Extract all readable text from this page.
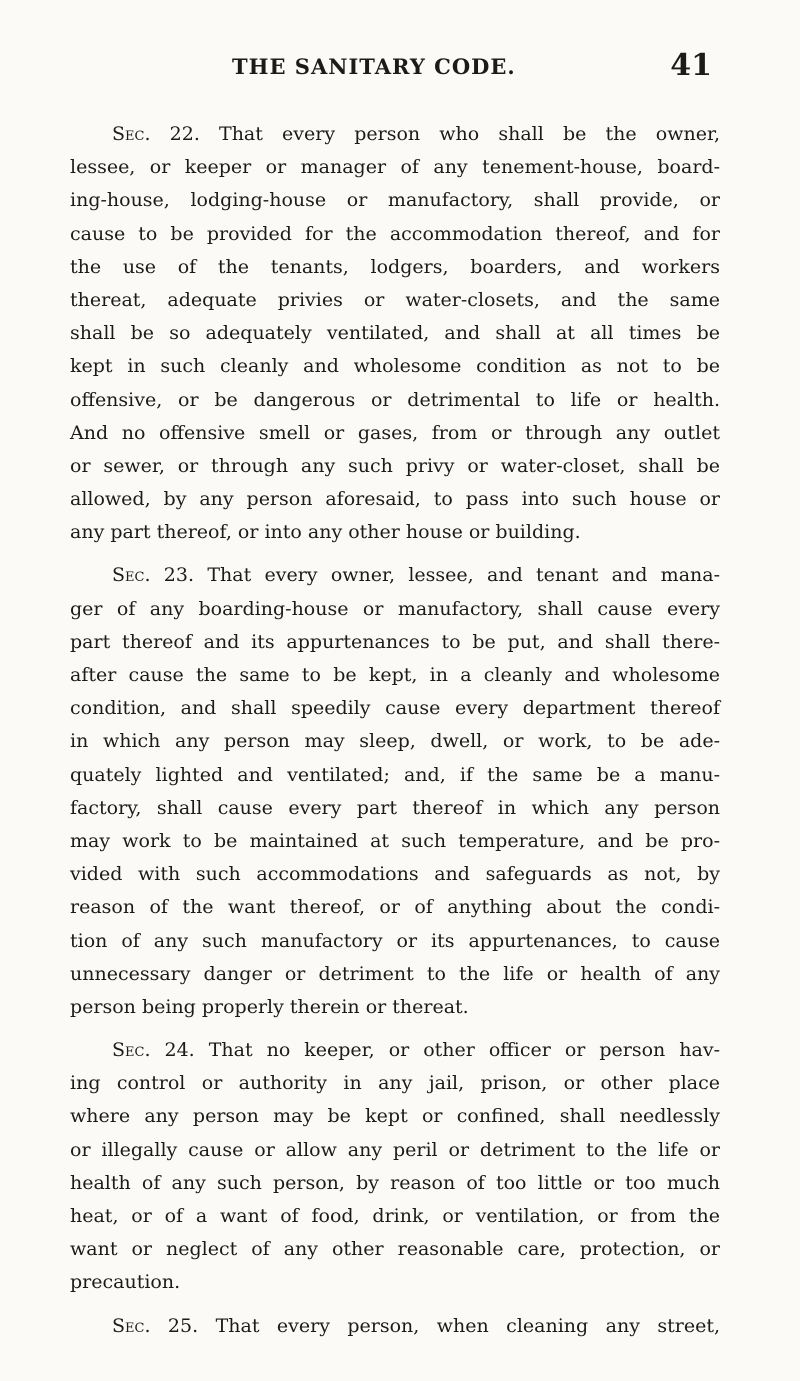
THE SANITARY CODE.	41
Sec. 22. That every person who shall be the owner,
lessee, or keeper or manager of any tenement-house, board-
ing-house, lodging-house or manufactory, shall provide, or
cause to be provided for the accommodation thereof, and for
the use of the tenants, lodgers, boarders, and workers
thereat, adequate privies or water-closets, and the same
shall be so adequately ventilated, and shall at all times be
kept in such cleanly and wholesome condition as not to be
offensive, or be dangerous or detrimental to life or health.
And no offensive smell or gases, from or through any outlet
or sewer, or through any such privy or water-closet, shall be
allowed, by any person aforesaid, to pass into such house or
any part thereof, or into any other house or building.
Sec. 23. That every owner, lessee, and tenant and mana-
ger of any boarding-house or manufactory, shall cause every
part thereof and its appurtenances to be put, and shall there-
after cause the same to be kept, in a cleanly and wholesome
condition, and shall speedily cause every department thereof
in which any person may sleep, dwell, or work, to be ade-
quately lighted and ventilated; and, if the same be a manu-
factory, shall cause every part thereof in which any person
may work to be maintained at such temperature, and be pro-
vided with such accommodations and safeguards as not, by
reason of the want thereof, or of anything about the condi-
tion of any such manufactory or its appurtenances, to cause
unnecessary danger or detriment to the life or health of any
person being properly therein or thereat.
Sec. 24. That no keeper, or other officer or person hav-
ing control or authority in any jail, prison, or other place
where any person may be kept or confined, shall needlessly
or illegally cause or allow any peril or detriment to the life or
health of any such person, by reason of too little or too much
heat, or of a want of food, drink, or ventilation, or from the
want or neglect of any other reasonable care, protection, or
precaution.
Sec. 25. That every person, when cleaning any street,
